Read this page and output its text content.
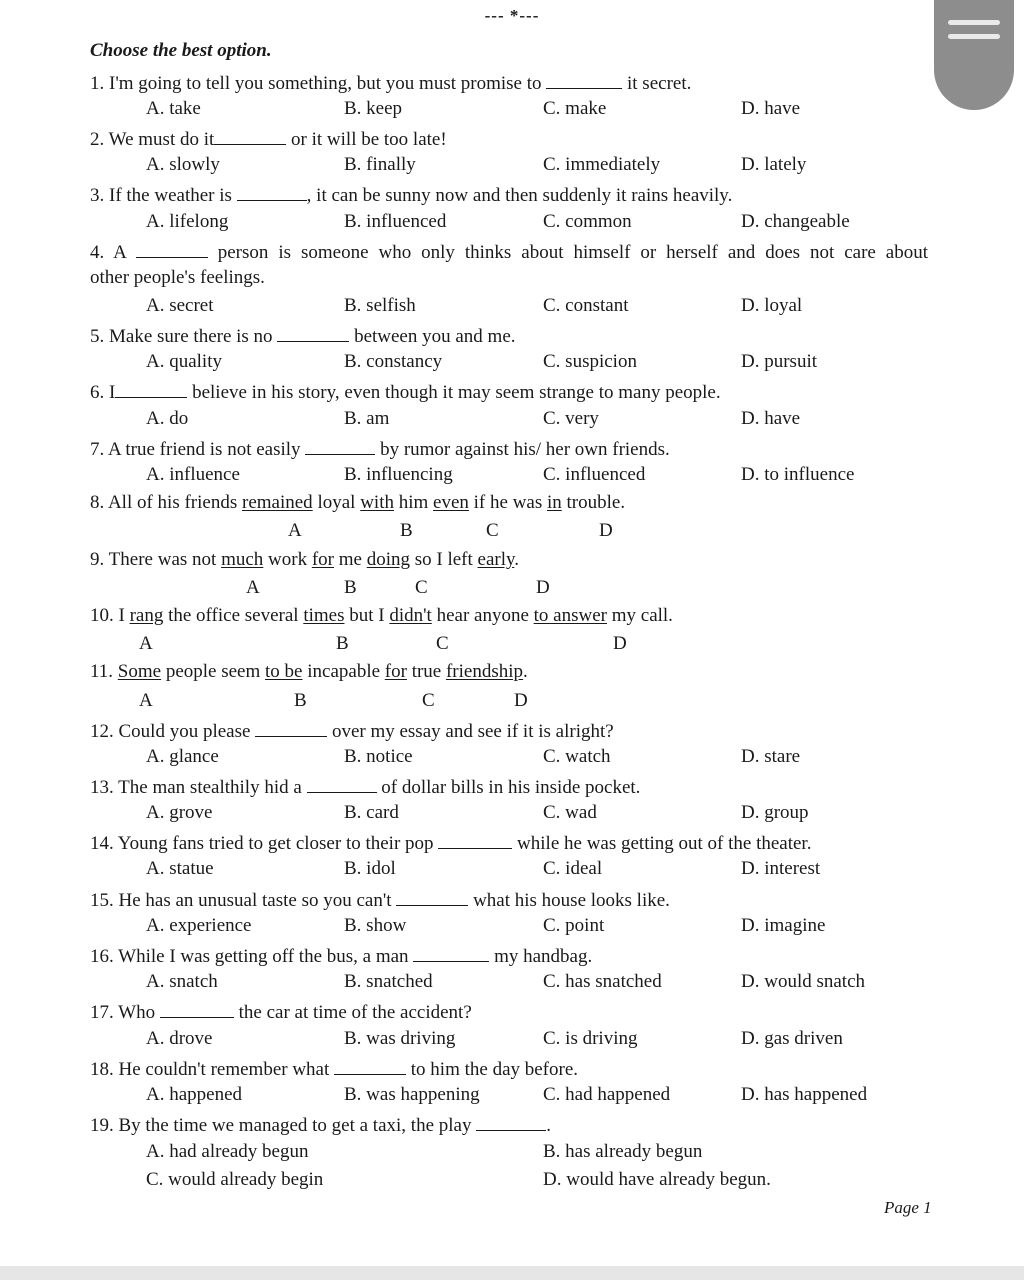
--- *---
Choose the best option.
1. I'm going to tell you something, but you must promise to	it secret.
A. take	B. keep	C. make	D. have
2. We must do it	or it will be too late!
A. slowly	B. finally	C. immediately	D. lately
3. If the weather is	, it can be sunny now and then suddenly it rains heavily.
A. lifelong	B. influenced	C. common	D. changeable
4. A	person is someone who only thinks about himself or herself and does not care about
other people's feelings.
A. secret	B. selfish	C. constant	D. loyal
5. Make sure there is no	between you and me.
A. quality	B. constancy	C. suspicion	D. pursuit
6. I	believe in his story, even though it may seem strange to many people.
A. do	B. am	C. very	D. have
7. A true friend is not easily	by rumor against his/ her own friends.
A. influence	B. influencing	C. influenced	D. to influence
8. All of his friends remained loyal with him even if he was in trouble.
A	B	C	D
9. There was not much work for me doing so I left early.
A	B	C	D
10. I rang the office several times but I didn't hear anyone to answer my call.
A	B	C	D
11. Some people seem to be incapable for true friendship.
A	B	C	D
12. Could you please	over my essay and see if it is alright?
A. glance	B. notice	C. watch	D. stare
13. The man stealthily hid a	of dollar bills in his inside pocket.
A. grove	B. card	C. wad	D. group
14. Young fans tried to get closer to their pop	while he was getting out of the theater.
A. statue	B. idol	C. ideal	D. interest
15. He has an unusual taste so you can't	what his house looks like.
A. experience	B. show	C. point	D. imagine
16. While I was getting off the bus, a man	my handbag.
A. snatch	B. snatched	C. has snatched	D. would snatch
17. Who	the car at time of the accident?
A. drove	B. was driving	C. is driving	D. gas driven
18. He couldn't remember what	to him the day before.
A. happened	B. was happening	C. had happened	D. has happened
19. By the time we managed to get a taxi, the play	.
A. had already begun	B. has already begun
C. would already begin	D. would have already begun.
Page 1
